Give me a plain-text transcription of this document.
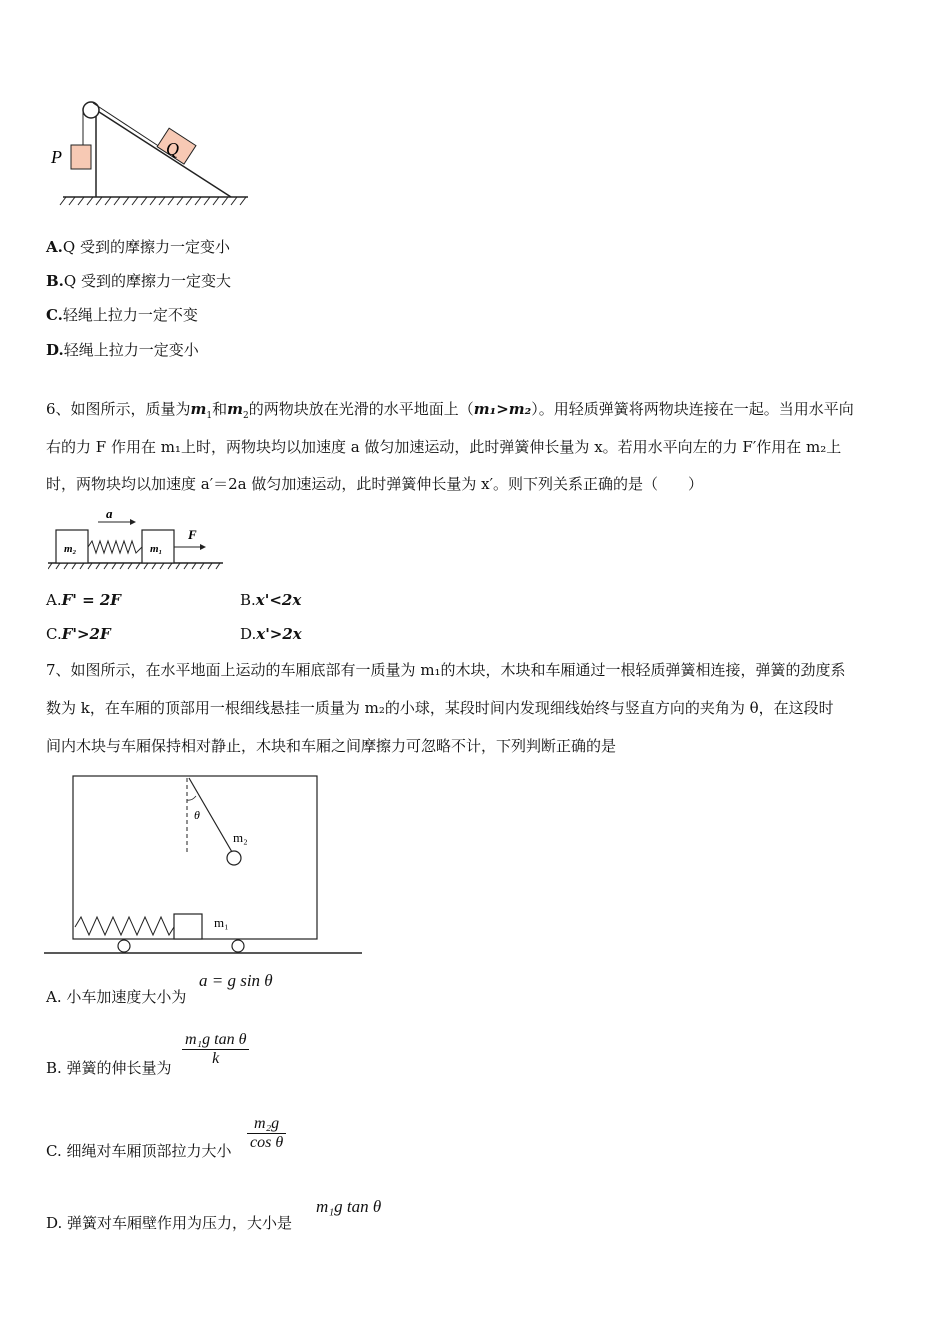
P	Q
A.Q 受到的摩擦力一定变小
B.Q 受到的摩擦力一定变大
C.轻绳上拉力一定不变
D.轻绳上拉力一定变小
6、如图所示，质量为$m_1$和$m_2$的两物块放在光滑的水平地面上（m₁>m₂）。用轻质弹簧将两物块连接在一起。当用水平向
右的力 F 作用在 m₁上时，两物块均以加速度 a 做匀加速运动，此时弹簧伸长量为 x。若用水平向左的力 F′作用在 m₂上
时，两物块均以加速度 a′＝2a 做匀加速运动，此时弹簧伸长量为 x′。则下列关系正确的是（　　）
a
F
m₂	m₁
A.F' = 2F	B.x'<2x
C.F'>2F	D.x'>2x
7、如图所示，在水平地面上运动的车厢底部有一质量为 m₁的木块，木块和车厢通过一根轻质弹簧相连接，弹簧的劲度系
数为 k，在车厢的顶部用一根细线悬挂一质量为 m₂的小球，某段时间内发现细线始终与竖直方向的夹角为 θ，在这段时
间内木块与车厢保持相对静止，木块和车厢之间摩擦力可忽略不计，下列判断正确的是
θ
m₂
m₁
A. 小车加速度大小为
a = g sin θ
B. 弹簧的伸长量为 $\frac{\text{m₁g tan θ}}{k}$
C. 细绳对车厢顶部拉力大小 $\frac{\text{m₂g}}{\text{cos θ}}$
D. 弹簧对车厢壁作用为压力，大小是
m₁g tan θ
